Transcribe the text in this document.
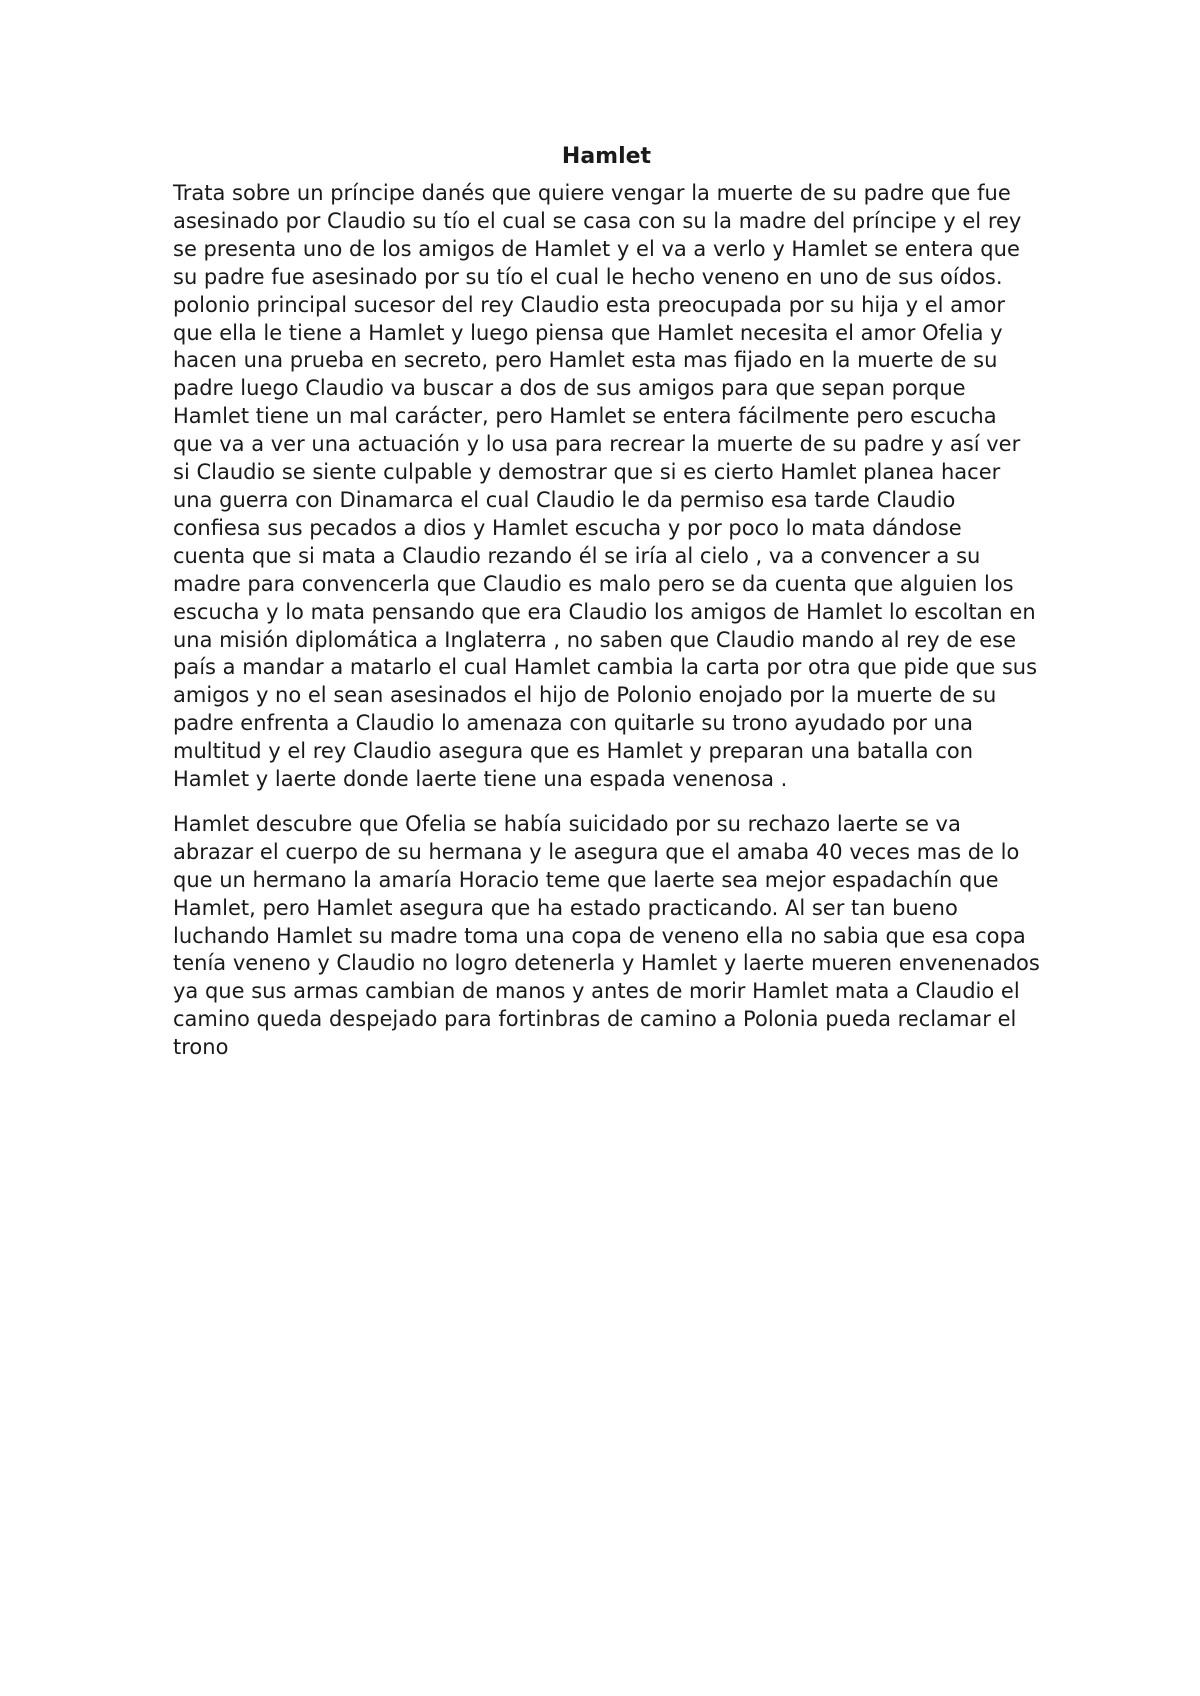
Hamlet

Trata sobre un príncipe danés que quiere vengar la muerte de su padre que fue asesinado por Claudio su tío el cual se casa con su la madre del príncipe y el rey se presenta uno de los amigos de Hamlet y el va a verlo y Hamlet se entera que su padre fue asesinado por su tío el cual le hecho veneno en uno de sus oídos. polonio principal sucesor del rey Claudio esta preocupada por su hija y el amor que ella le tiene a Hamlet y luego piensa que Hamlet necesita el amor Ofelia y hacen una prueba en secreto, pero Hamlet esta mas fijado en la muerte de su padre luego Claudio va buscar a dos de sus amigos para que sepan porque Hamlet tiene un mal carácter, pero Hamlet se entera fácilmente pero escucha que va a ver una actuación y lo usa para recrear la muerte de su padre y así ver si Claudio se siente culpable y demostrar que si es cierto Hamlet planea hacer una guerra con Dinamarca el cual Claudio le da permiso esa tarde Claudio confiesa sus pecados a dios y Hamlet escucha y por poco lo mata dándose cuenta que si mata a Claudio rezando él se iría al cielo , va a convencer a su madre para convencerla que Claudio es malo pero se da cuenta que alguien los escucha y lo mata pensando que era Claudio los amigos de Hamlet lo escoltan en una misión diplomática a Inglaterra , no saben que Claudio mando al rey de ese país a mandar a matarlo el cual Hamlet cambia la carta por otra que pide que sus amigos y no el sean asesinados el hijo de Polonio enojado por la muerte de su padre enfrenta a Claudio lo amenaza con quitarle su trono ayudado por una multitud y el rey Claudio asegura que es Hamlet y preparan una batalla con Hamlet y laerte donde laerte tiene una espada venenosa .

Hamlet descubre que Ofelia se había suicidado por su rechazo laerte se va abrazar el cuerpo de su hermana y le asegura que el amaba 40 veces mas de lo que un hermano la amaría Horacio teme que laerte sea mejor espadachín que Hamlet, pero Hamlet asegura que ha estado practicando. Al ser tan bueno luchando Hamlet su madre toma una copa de veneno ella no sabia que esa copa tenía veneno y Claudio no logro detenerla y Hamlet y laerte mueren envenenados ya que sus armas cambian de manos y antes de morir Hamlet mata a Claudio el camino queda despejado para fortinbras de camino a Polonia pueda reclamar el trono
